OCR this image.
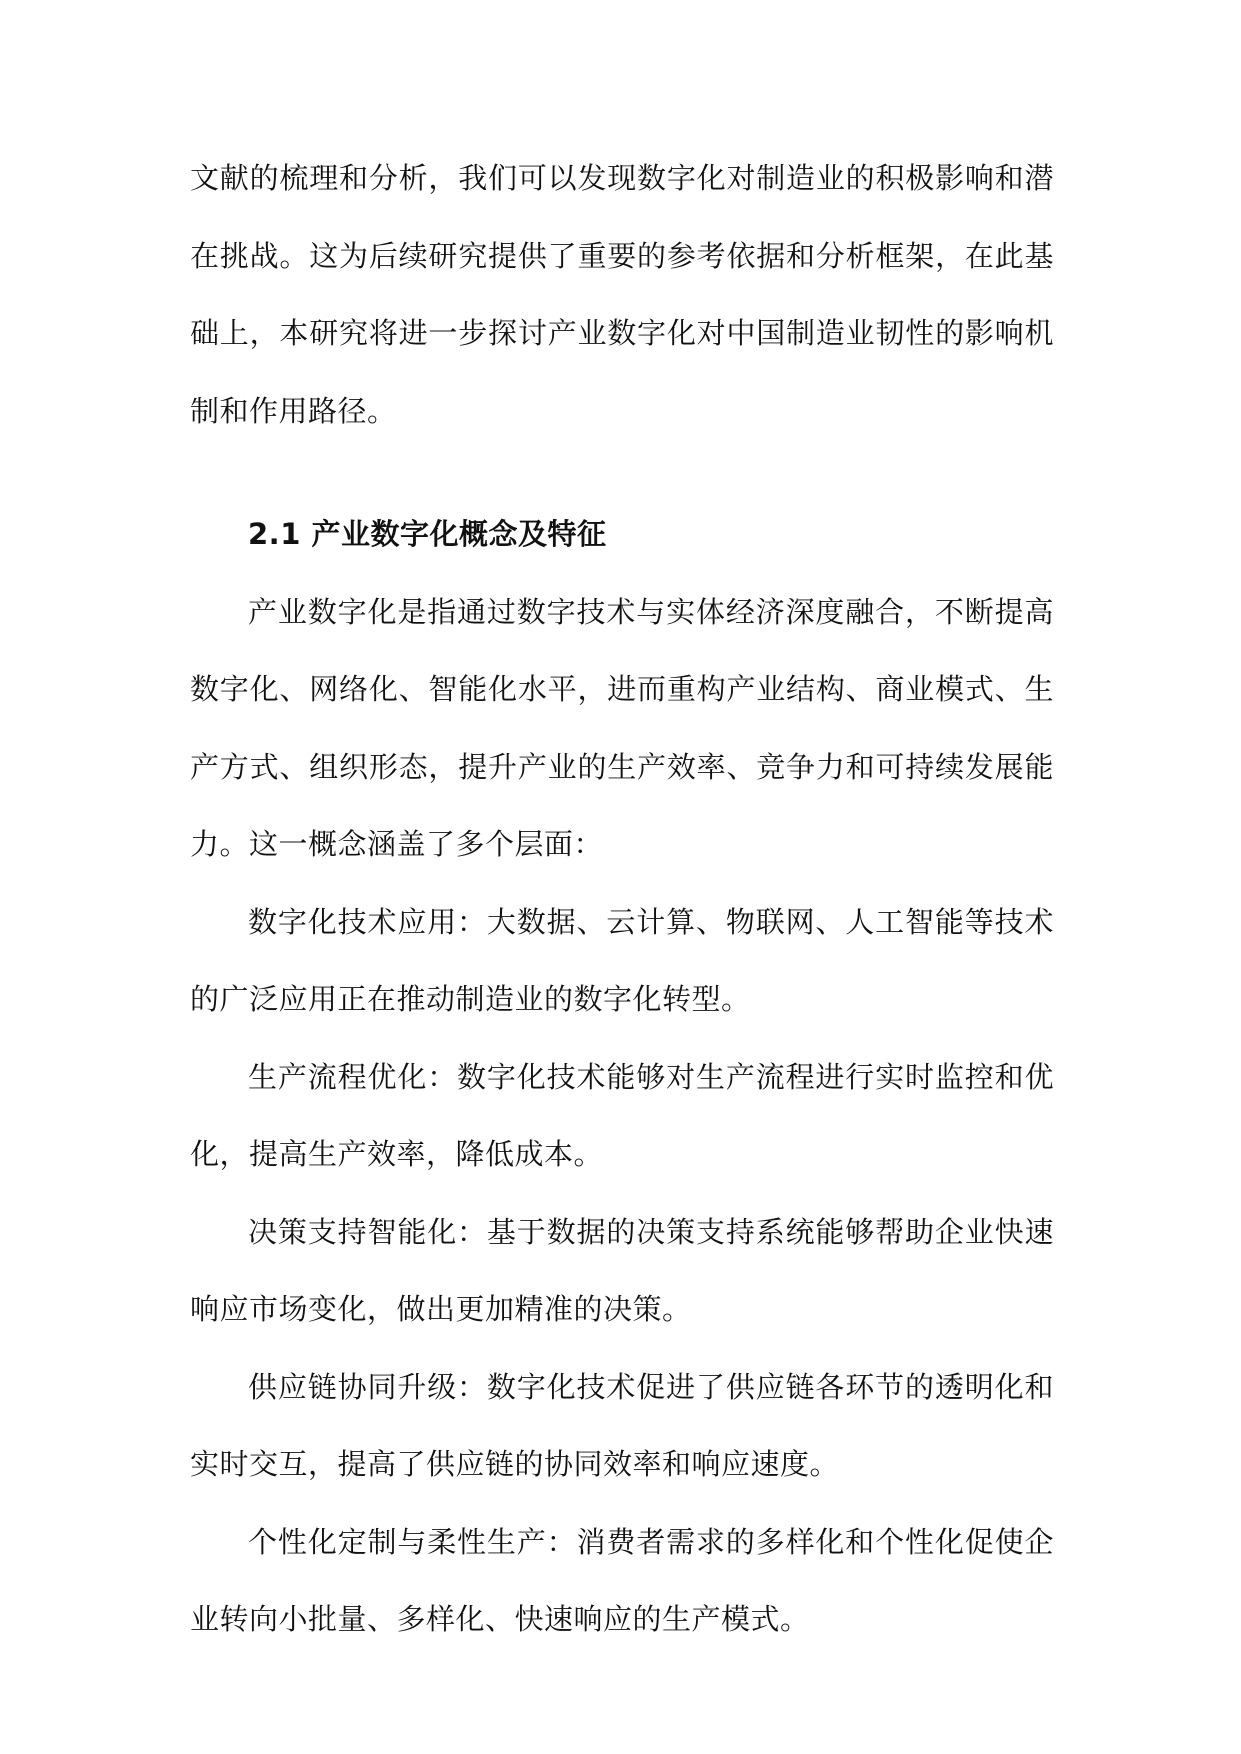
文献的梳理和分析，我们可以发现数字化对制造业的积极影响和潜在挑战。这为后续研究提供了重要的参考依据和分析框架，在此基础上，本研究将进一步探讨产业数字化对中国制造业韧性的影响机制和作用路径。

2.1 产业数字化概念及特征

产业数字化是指通过数字技术与实体经济深度融合，不断提高数字化、网络化、智能化水平，进而重构产业结构、商业模式、生产方式、组织形态，提升产业的生产效率、竞争力和可持续发展能力。这一概念涵盖了多个层面：

数字化技术应用：大数据、云计算、物联网、人工智能等技术的广泛应用正在推动制造业的数字化转型。

生产流程优化：数字化技术能够对生产流程进行实时监控和优化，提高生产效率，降低成本。

决策支持智能化：基于数据的决策支持系统能够帮助企业快速响应市场变化，做出更加精准的决策。

供应链协同升级：数字化技术促进了供应链各环节的透明化和实时交互，提高了供应链的协同效率和响应速度。

个性化定制与柔性生产：消费者需求的多样化和个性化促使企业转向小批量、多样化、快速响应的生产模式。
